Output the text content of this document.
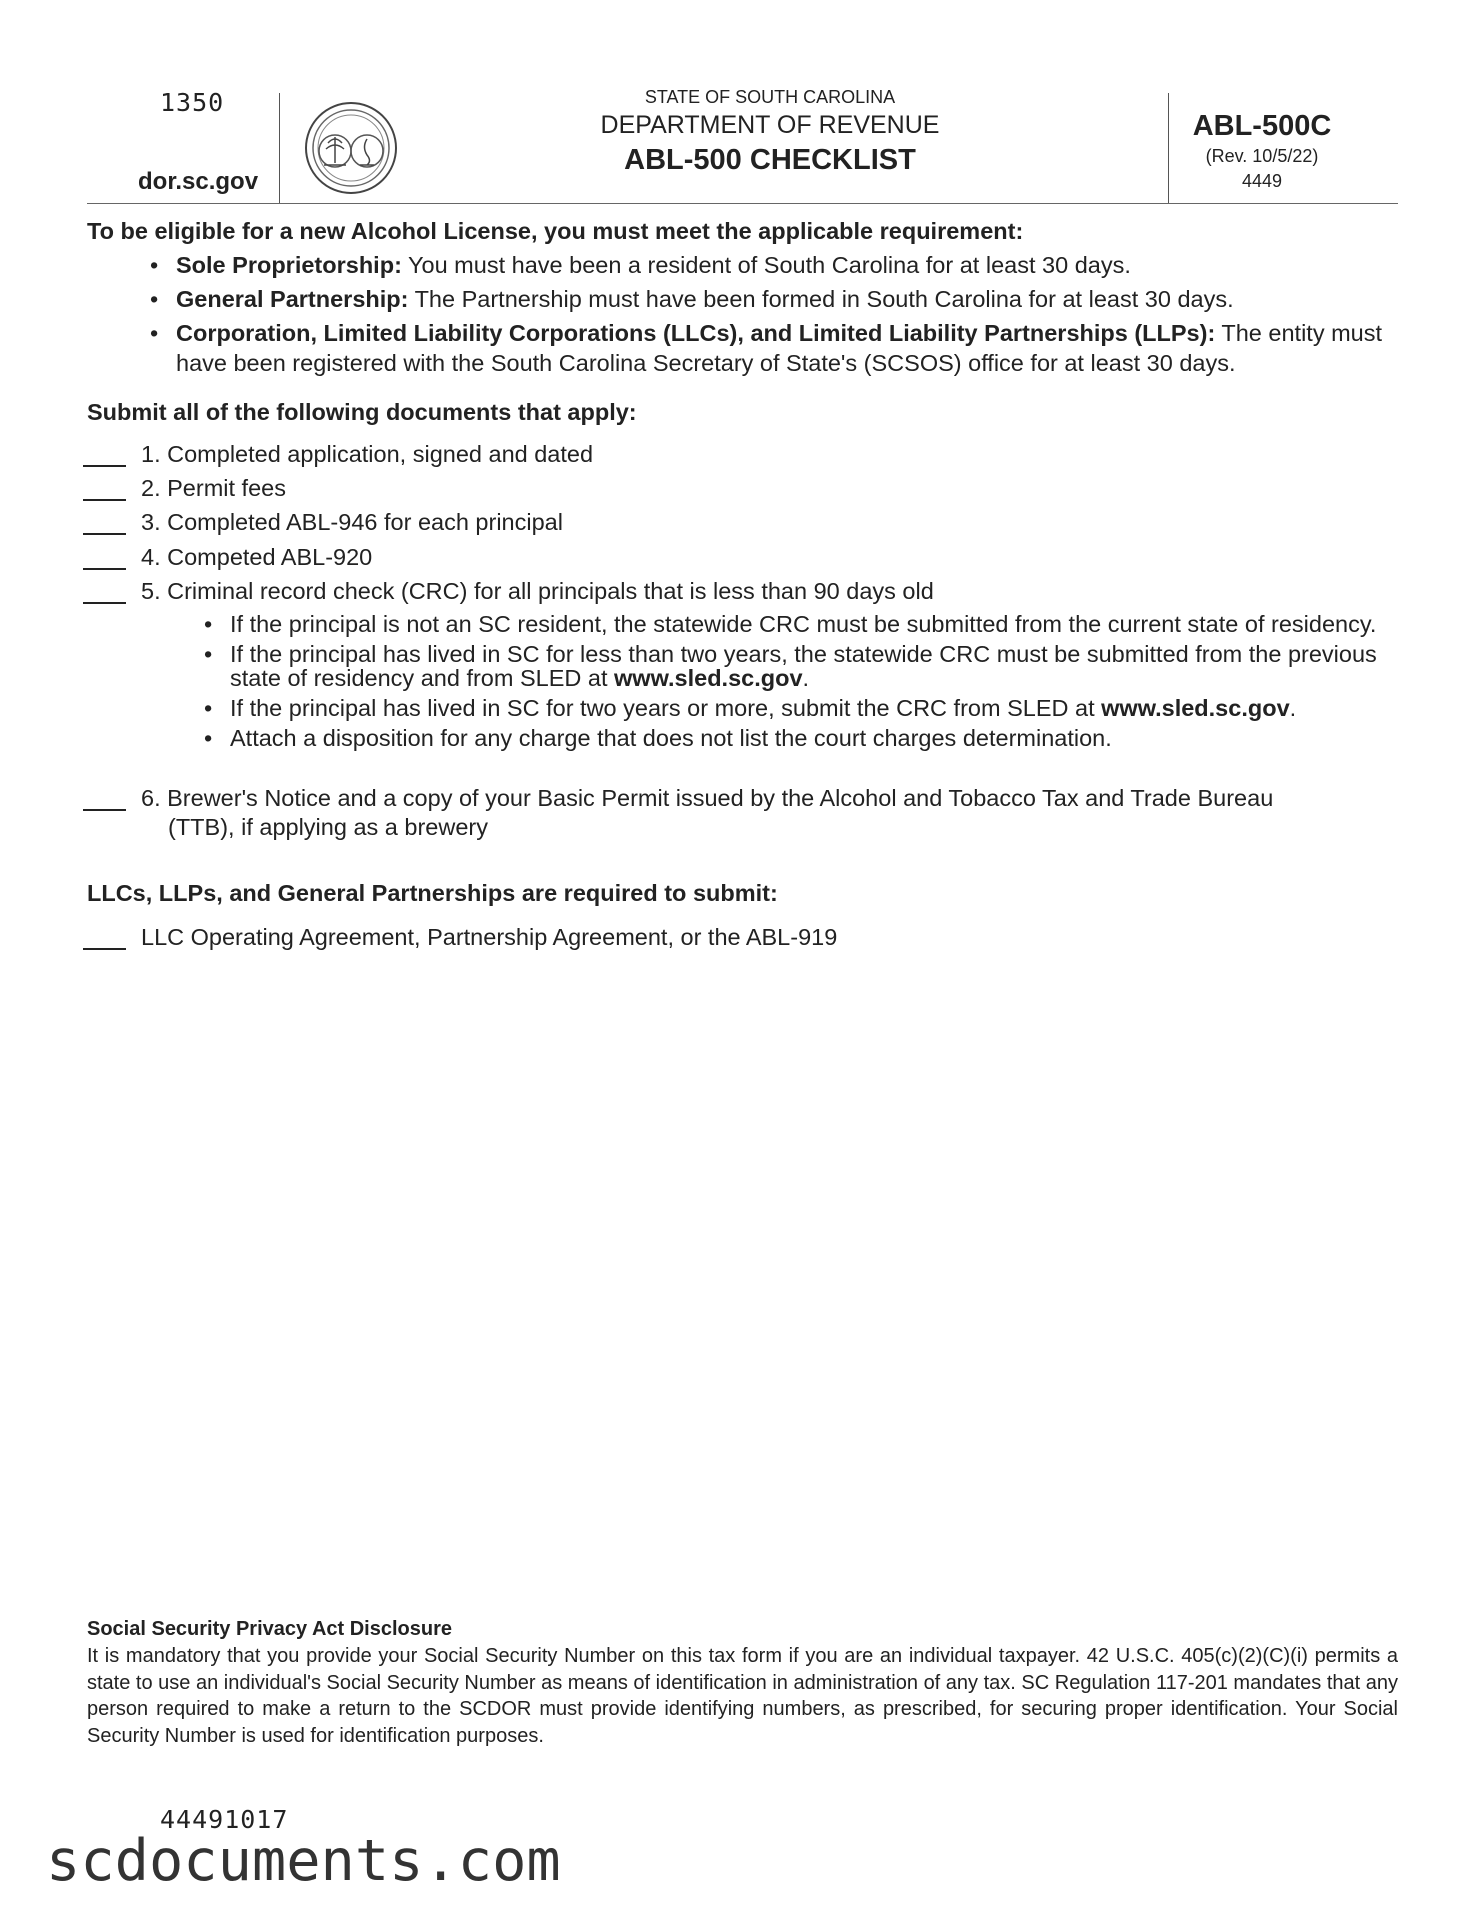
1350
dor.sc.gov
STATE OF SOUTH CAROLINA
DEPARTMENT OF REVENUE
ABL-500 CHECKLIST
ABL-500C
(Rev. 10/5/22)
4449
To be eligible for a new Alcohol License, you must meet the applicable requirement:
• Sole Proprietorship: You must have been a resident of South Carolina for at least 30 days.
• General Partnership: The Partnership must have been formed in South Carolina for at least 30 days.
• Corporation, Limited Liability Corporations (LLCs), and Limited Liability Partnerships (LLPs): The entity must have been registered with the South Carolina Secretary of State's (SCSOS) office for at least 30 days.
Submit all of the following documents that apply:
1. Completed application, signed and dated
2. Permit fees
3. Completed ABL-946 for each principal
4. Competed ABL-920
5. Criminal record check (CRC) for all principals that is less than 90 days old
• If the principal is not an SC resident, the statewide CRC must be submitted from the current state of residency.
• If the principal has lived in SC for less than two years, the statewide CRC must be submitted from the previous state of residency and from SLED at www.sled.sc.gov.
• If the principal has lived in SC for two years or more, submit the CRC from SLED at www.sled.sc.gov.
• Attach a disposition for any charge that does not list the court charges determination.
6. Brewer's Notice and a copy of your Basic Permit issued by the Alcohol and Tobacco Tax and Trade Bureau
(TTB), if applying as a brewery
LLCs, LLPs, and General Partnerships are required to submit:
LLC Operating Agreement, Partnership Agreement, or the ABL-919
Social Security Privacy Act Disclosure
It is mandatory that you provide your Social Security Number on this tax form if you are an individual taxpayer. 42 U.S.C. 405(c)(2)(C)(i) permits a state to use an individual's Social Security Number as means of identification in administration of any tax. SC Regulation 117-201 mandates that any person required to make a return to the SCDOR must provide identifying numbers, as prescribed, for securing proper identification. Your Social Security Number is used for identification purposes.
44491017
scdocuments.com
